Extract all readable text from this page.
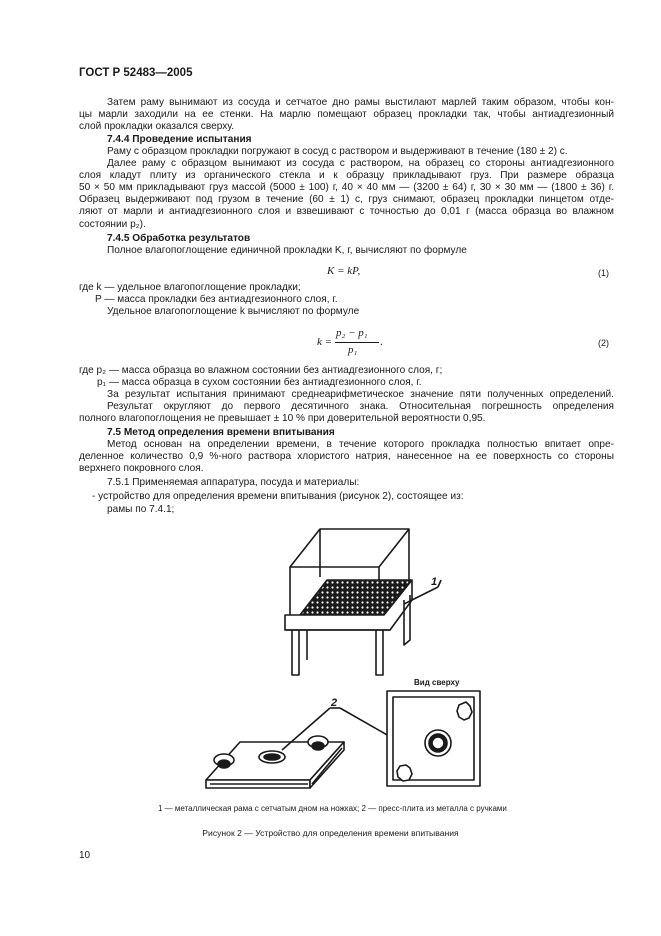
ГОСТ Р 52483—2005
Затем раму вынимают из сосуда и сетчатое дно рамы выстилают марлей таким образом, чтобы кон-
цы марли заходили на ее стенки. На марлю помещают образец прокладки так, чтобы антиадгезионный
слой прокладки оказался сверху.
7.4.4 Проведение испытания
Раму с образцом прокладки погружают в сосуд с раствором и выдерживают в течение (180 ± 2) с.
Далее раму с образцом вынимают из сосуда с раствором, на образец со стороны антиадгезионного
слоя кладут плиту из органического стекла и к образцу прикладывают груз. При размере образца
50 × 50 мм прикладывают груз массой (5000 ± 100) г, 40 × 40 мм — (3200 ± 64) г, 30 × 30 мм — (1800 ± 36) г.
Образец выдерживают под грузом в течение (60 ± 1) с, груз снимают, образец прокладки пинцетом отде-
ляют от марли и антиадгезионного слоя и взвешивают с точностью до 0,01 г (масса образца во влажном
состоянии p₂).
7.4.5 Обработка результатов
Полное влагопоглощение единичной прокладки K, г, вычисляют по формуле
K = kP,	(1)
где k — удельное влагопоглощение прокладки;
P — масса прокладки без антиадгезионного слоя, г.
Удельное влагопоглощение k вычисляют по формуле
k =
p₂ − p₁
p₁
.	(2)
где p₂ — масса образца во влажном состоянии без антиадгезионного слоя, г;
p₁ — масса образца в сухом состоянии без антиадгезионного слоя, г.
За результат испытания принимают среднеарифметическое значение пяти полученных определений.
Результат округляют до первого десятичного знака. Относительная погрешность определения
полного влагопоглощения не превышает ± 10 % при доверительной вероятности 0,95.
7.5 Метод определения времени впитывания
Метод основан на определении времени, в течение которого прокладка полностью впитает опре-
деленное количество 0,9 %-ного раствора хлористого натрия, нанесенное на ее поверхность со стороны
верхнего покровного слоя.
7.5.1 Применяемая аппаратура, посуда и материалы:
- устройство для определения времени впитывания (рисунок 2), состоящее из:
рамы по 7.4.1;
1
2
Вид сверху
1 — металлическая рама с сетчатым дном на ножках; 2 — пресс-плита из металла с ручками
Рисунок 2 — Устройство для определения времени впитывания
10
